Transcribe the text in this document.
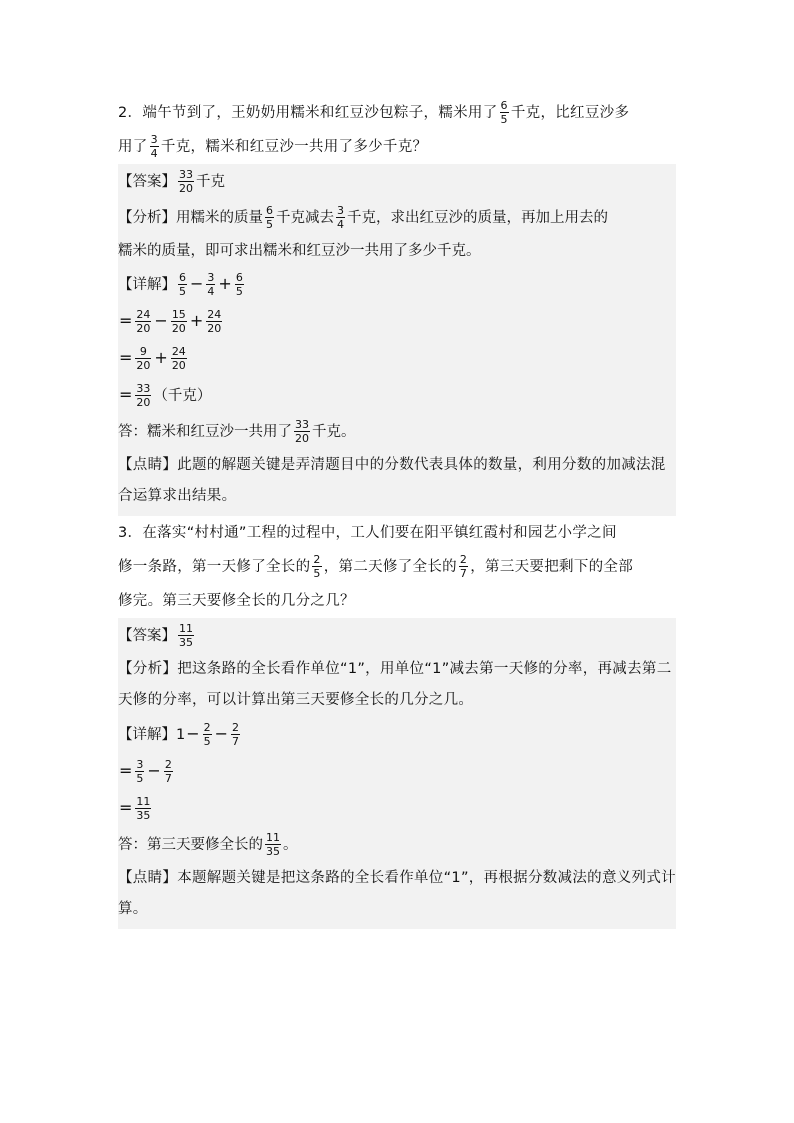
2．端午节到了，王奶奶用糯米和红豆沙包粽子，糯米用了 $\frac{6}{5}$ 千克，比红豆沙多
用了 $\frac{3}{4}$ 千克，糯米和红豆沙一共用了多少千克？
【答案】 $\frac{33}{20}$ 千克
【分析】用糯米的质量 $\frac{6}{5}$ 千克减去 $\frac{3}{4}$ 千克，求出红豆沙的质量，再加上用去的
糯米的质量，即可求出糯米和红豆沙一共用了多少千克。
【详解】 $\frac{6}{5} - \frac{3}{4} + \frac{6}{5}$
= $\frac{24}{20} - \frac{15}{20} + \frac{24}{20}$
= $\frac{9}{20} + \frac{24}{20}$
= $\frac{33}{20}$ （千克）
答：糯米和红豆沙一共用了 $\frac{33}{20}$ 千克。
【点睛】此题的解题关键是弄清题目中的分数代表具体的数量，利用分数的加减法混合运算求出结果。
3．在落实“村村通”工程的过程中，工人们要在阳平镇红霞村和园艺小学之间
修一条路，第一天修了全长的 $\frac{2}{5}$ ，第二天修了全长的 $\frac{2}{7}$ ，第三天要把剩下的全部
修完。第三天要修全长的几分之几？
【答案】 $\frac{11}{35}$
【分析】把这条路的全长看作单位“1”，用单位“1”减去第一天修的分率，再减去第二天修的分率，可以计算出第三天要修全长的几分之几。
【详解】$1- \frac{2}{5} - \frac{2}{7}$
= $\frac{3}{5} - \frac{2}{7}$
= $\frac{11}{35}$
答：第三天要修全长的 $\frac{11}{35}$ 。
【点睛】本题解题关键是把这条路的全长看作单位“1”，再根据分数减法的意义列式计算。
